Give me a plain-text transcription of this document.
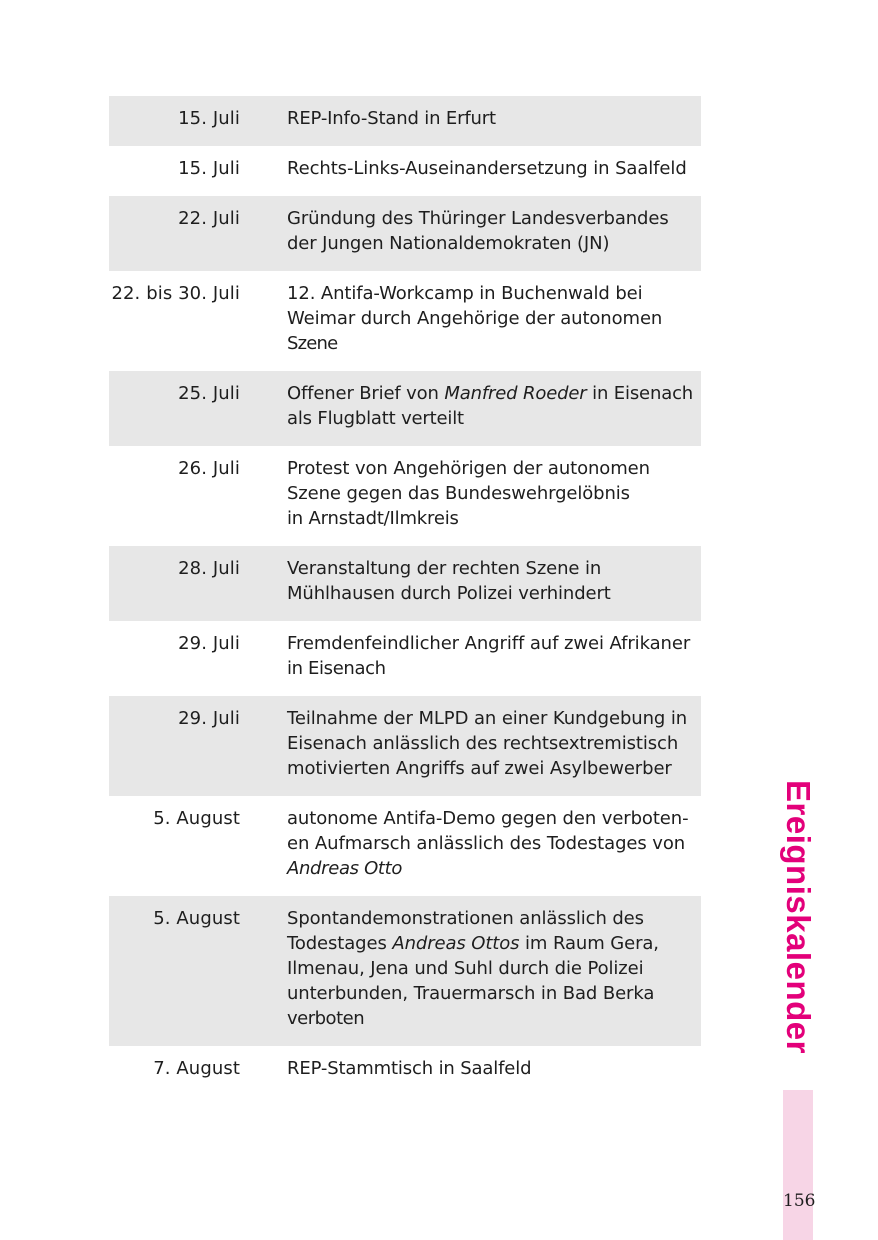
15. Juli	REP-Info-Stand in Erfurt

15. Juli	Rechts-Links-Auseinandersetzung in Saalfeld

22. Juli	Gründung des Thüringer Landesverbandes

der Jungen Nationaldemokraten (JN)

22. bis 30. Juli	12. Antifa-Workcamp in Buchenwald bei

Weimar durch Angehörige der autonomen

Szene

25. Juli	Offener Brief von Manfred Roeder in Eisenach

als Flugblatt verteilt

26. Juli	Protest von Angehörigen der autonomen

Szene gegen das Bundeswehrgelöbnis

in Arnstadt/Ilmkreis

28. Juli	Veranstaltung der rechten Szene in

Mühlhausen durch Polizei verhindert

29. Juli	Fremdenfeindlicher Angriff auf zwei Afrikaner

in Eisenach

29. Juli	Teilnahme der MLPD an einer Kundgebung in

Eisenach anlässlich des rechtsextremistisch

motivierten Angriffs auf zwei Asylbewerber

5. August	autonome Antifa-Demo gegen den verboten-

en Aufmarsch anlässlich des Todestages von

Andreas Otto

5. August	Spontandemonstrationen anlässlich des

Todestages Andreas Ottos im Raum Gera,

Ilmenau, Jena und Suhl durch die Polizei

unterbunden, Trauermarsch in Bad Berka

verboten

7. August	REP-Stammtisch in Saalfeld

Ereigniskalender
156
